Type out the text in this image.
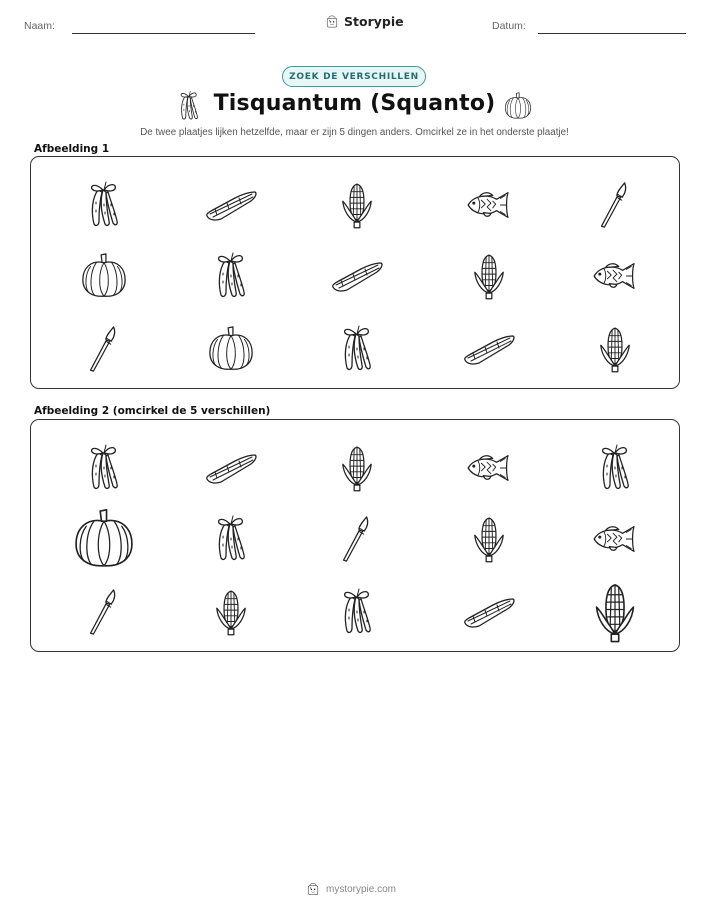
Naam:	Storypie	Datum:
ZOEK DE VERSCHILLEN
Tisquantum (Squanto)
De twee plaatjes lijken hetzelfde, maar er zijn 5 dingen anders. Omcirkel ze in het onderste plaatje!
Afbeelding 1
Afbeelding 2 (omcirkel de 5 verschillen)
mystorypie.com
